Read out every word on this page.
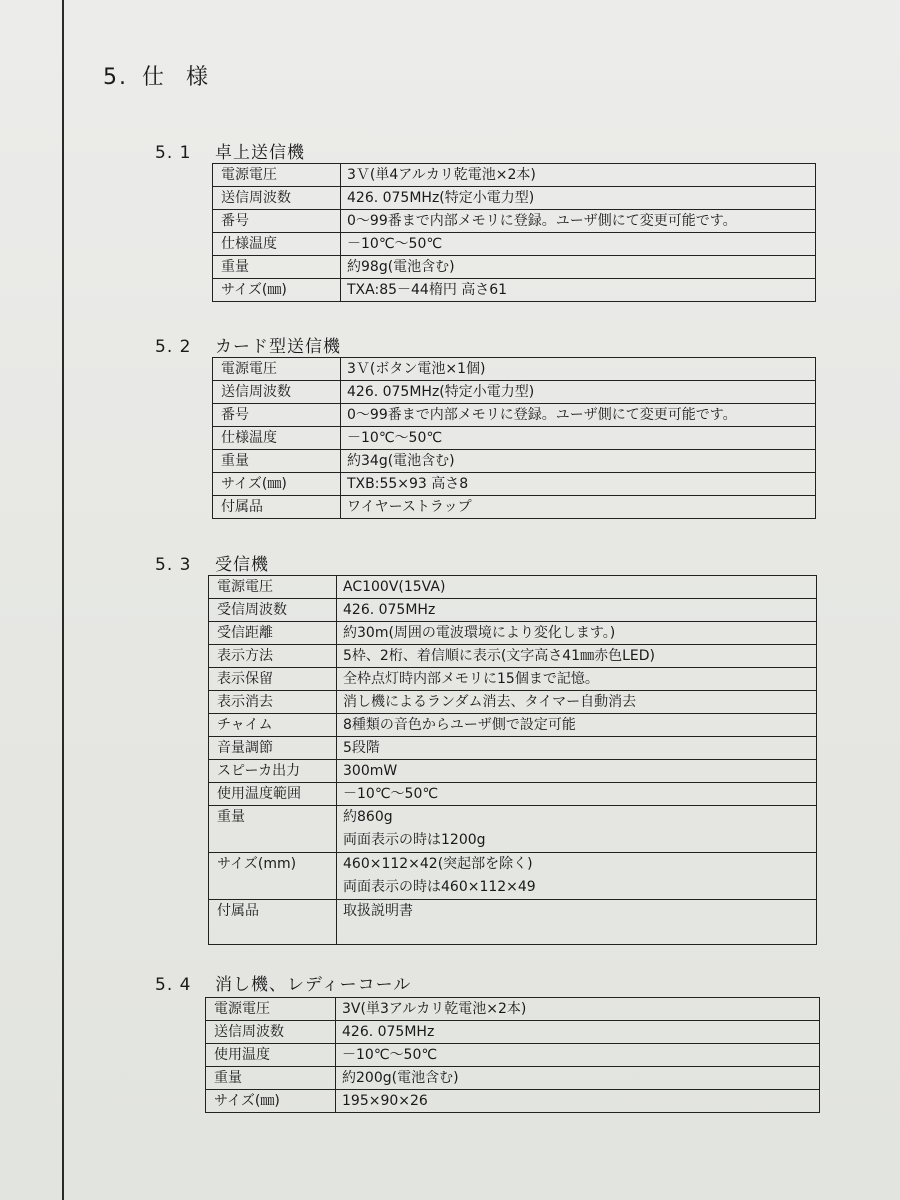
5. 仕 様
5. 1 卓上送信機
電源電圧	3Ｖ(単4アルカリ乾電池×2本)
送信周波数	426. 075MHz(特定小電力型)
番号	0～99番まで内部メモリに登録。ユーザ側にて変更可能です。
仕様温度	－10℃～50℃
重量	約98g(電池含む)
サイズ(㎜)	TXA:85－44楕円 高さ61
5. 2 カード型送信機
電源電圧	3Ｖ(ボタン電池×1個)
送信周波数	426. 075MHz(特定小電力型)
番号	0～99番まで内部メモリに登録。ユーザ側にて変更可能です。
仕様温度	－10℃～50℃
重量	約34g(電池含む)
サイズ(㎜)	TXB:55×93 高さ8
付属品	ワイヤーストラップ
5. 3 受信機
電源電圧	AC100V(15VA)
受信周波数	426. 075MHz
受信距離	約30m(周囲の電波環境により変化します。)
表示方法	5枠、2桁、着信順に表示(文字高さ41㎜赤色LED)
表示保留	全枠点灯時内部メモリに15個まで記憶。
表示消去	消し機によるランダム消去、タイマー自動消去
チャイム	8種類の音色からユーザ側で設定可能
音量調節	5段階
スピーカ出力	300mW
使用温度範囲	－10℃～50℃
重量	約860g
両面表示の時は1200g

サイズ(mm)	460×112×42(突起部を除く)
両面表示の時は460×112×49

付属品	取扱説明書
5. 4 消し機、レディーコール
電源電圧	3V(単3アルカリ乾電池×2本)
送信周波数	426. 075MHz
使用温度	－10℃～50℃
重量	約200g(電池含む)
サイズ(㎜)	195×90×26
